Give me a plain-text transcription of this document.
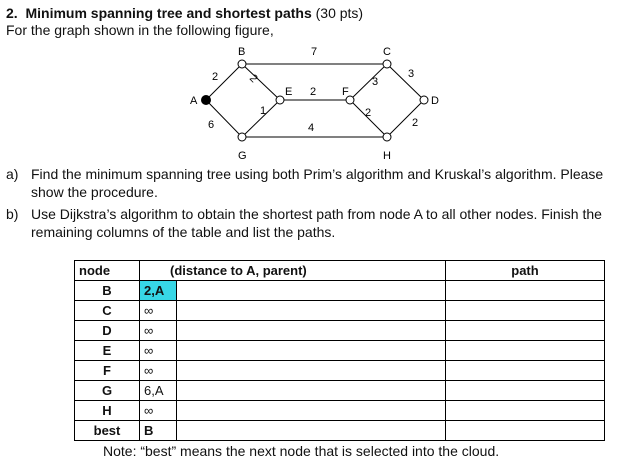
2. Minimum spanning tree and shortest paths (30 pts)
For the graph shown in the following figure,
A
B	C
D
E	F
G	H
2
6
7
2
1
2
4
3
2
3
2
a) Find the minimum spanning tree using both Prim’s algorithm and Kruskal’s algorithm. Please show the procedure.
b) Use Dijkstra’s algorithm to obtain the shortest path from node A to all other nodes. Finish the remaining columns of the table and list the paths.
node	(distance to A, parent)		path
B	2,A		
C	∞		
D	∞		
E	∞		
F	∞		
G	6,A		
H	∞		
best	B		
Note: “best” means the next node that is selected into the cloud.
